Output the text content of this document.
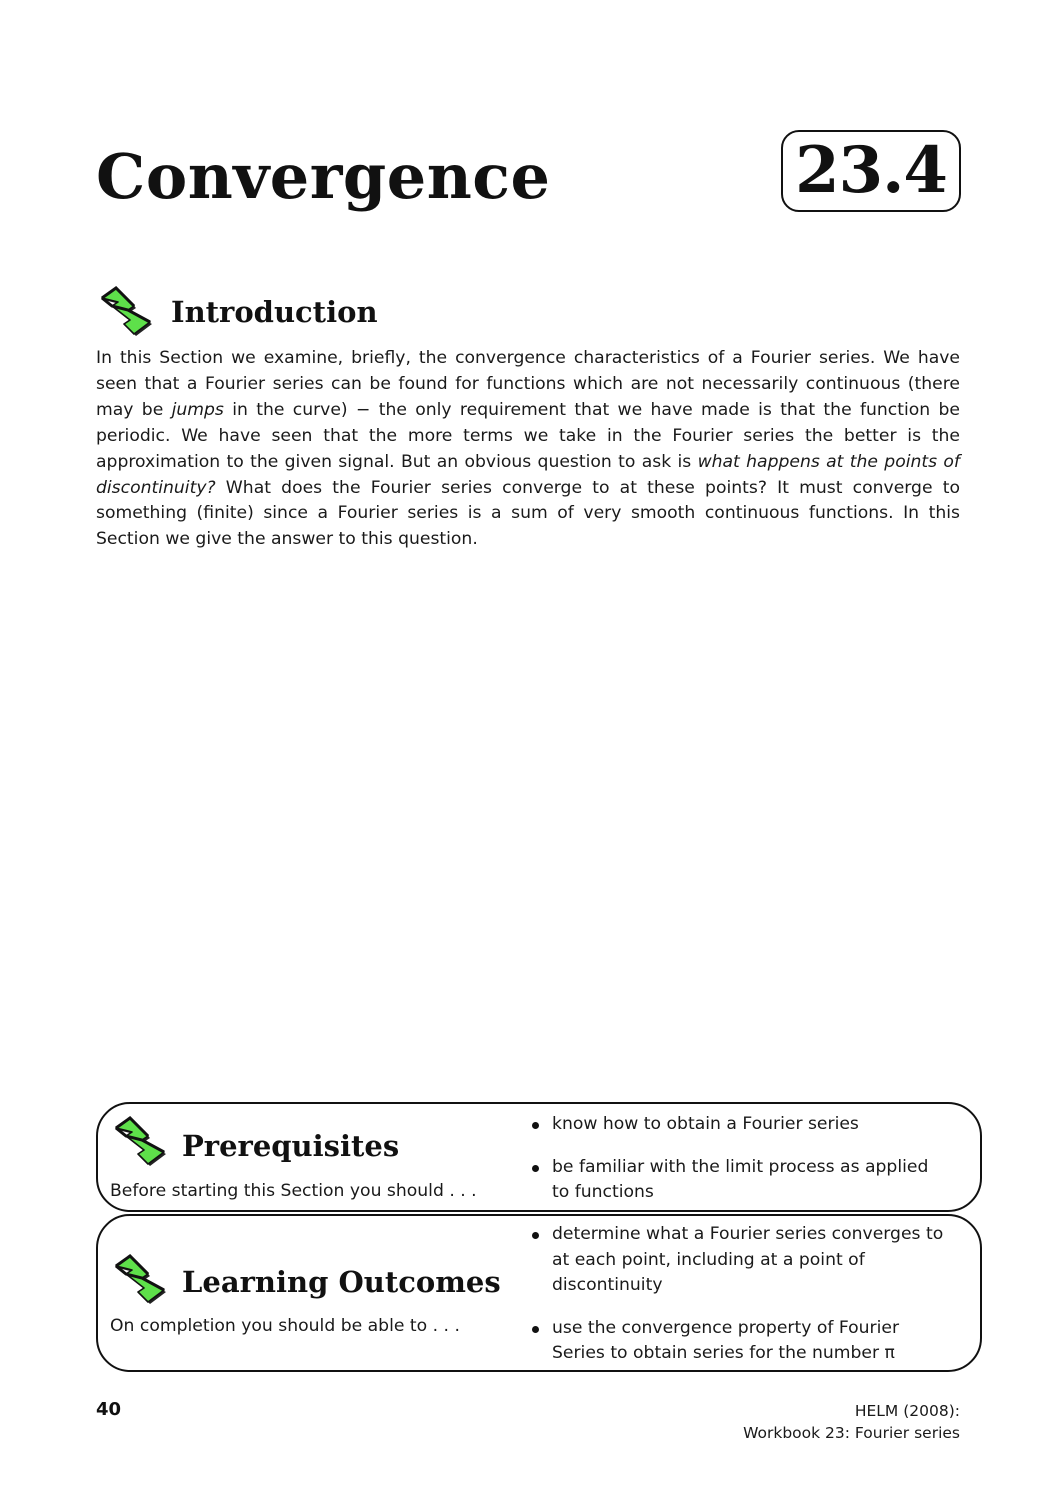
Convergence	23.4
Introduction

In this Section we examine, briefly, the convergence characteristics of a Fourier series. We have seen that a Fourier series can be found for functions which are not necessarily continuous (there may be jumps in the curve) − the only requirement that we have made is that the function be periodic. We have seen that the more terms we take in the Fourier series the better is the approximation to the given signal. But an obvious question to ask is what happens at the points of discontinuity? What does the Fourier series converge to at these points? It must converge to something (finite) since a Fourier series is a sum of very smooth continuous functions. In this Section we give the answer to this question.

Prerequisites
Before starting this Section you should . . .
know how to obtain a Fourier series
be familiar with the limit process as applied to functions
Learning Outcomes
On completion you should be able to . . .
determine what a Fourier series converges to at each point, including at a point of discontinuity
use the convergence property of Fourier Series to obtain series for the number π
40	HELM (2008):
Workbook 23: Fourier series
